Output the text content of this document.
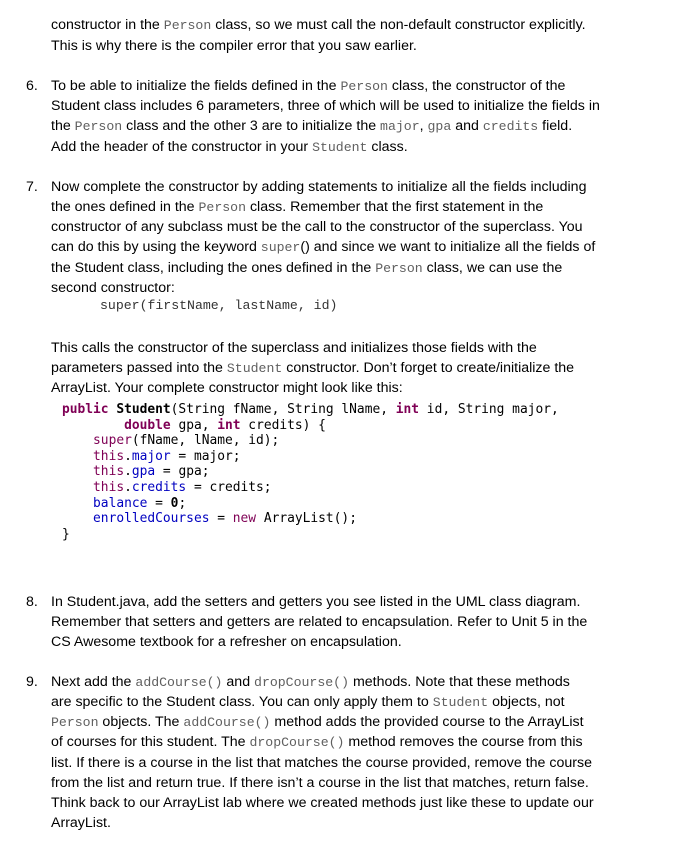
constructor in the Person class, so we must call the non-default constructor explicitly.
This is why there is the compiler error that you saw earlier.
6. To be able to initialize the fields defined in the Person class, the constructor of the
Student class includes 6 parameters, three of which will be used to initialize the fields in
the Person class and the other 3 are to initialize the major, gpa and credits field.
Add the header of the constructor in your Student class.
7. Now complete the constructor by adding statements to initialize all the fields including
the ones defined in the Person class. Remember that the first statement in the
constructor of any subclass must be the call to the constructor of the superclass. You
can do this by using the keyword super() and since we want to initialize all the fields of
the Student class, including the ones defined in the Person class, we can use the
second constructor:
super(firstName, lastName, id)
This calls the constructor of the superclass and initializes those fields with the
parameters passed into the Student constructor. Don’t forget to create/initialize the
ArrayList. Your complete constructor might look like this:
public Student(String fName, String lName, int id, String major,
double gpa, int credits) {
super(fName, lName, id);
this.major = major;
this.gpa = gpa;
this.credits = credits;
balance = 0;
enrolledCourses = new ArrayList();
}
8. In Student.java, add the setters and getters you see listed in the UML class diagram.
Remember that setters and getters are related to encapsulation. Refer to Unit 5 in the
CS Awesome textbook for a refresher on encapsulation.
9. Next add the addCourse() and dropCourse() methods. Note that these methods
are specific to the Student class. You can only apply them to Student objects, not
Person objects. The addCourse() method adds the provided course to the ArrayList
of courses for this student. The dropCourse() method removes the course from this
list. If there is a course in the list that matches the course provided, remove the course
from the list and return true. If there isn’t a course in the list that matches, return false.
Think back to our ArrayList lab where we created methods just like these to update our
ArrayList.
